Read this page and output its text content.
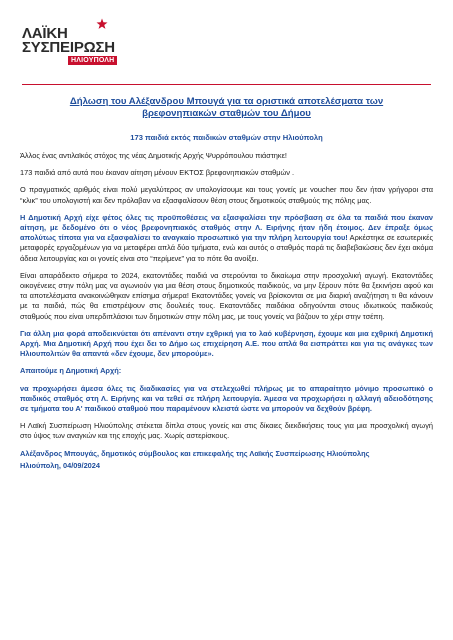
ΛΑΪΚΗ
ΣΥΣΠΕΙΡΩΣΗ
ΗΛΙΟΥΠΟΛΗ
Δήλωση του Αλέξανδρου Μπουγά για τα οριστικά αποτελέσματα των βρεφονηπιακών σταθμών του Δήμου
173 παιδιά εκτός παιδικών σταθμών στην Ηλιούπολη

Άλλος ένας αντιλαϊκός στόχος της νέας Δημοτικής Αρχής Ψυρρόπουλου πιάστηκε!

173 παιδιά από αυτά που έκαναν αίτηση μένουν ΕΚΤΟΣ βρεφονηπιακών σταθμών .

Ο πραγματικός αριθμός είναι πολύ μεγαλύτερος αν υπολογίσουμε και τους γονείς με voucher που δεν ήταν γρήγοροι στα “κλικ” του υπολογιστή και δεν πρόλαβαν να εξασφαλίσουν θέση στους δημοτικούς σταθμούς της πόλης μας.

Η Δημοτική Αρχή είχε φέτος όλες τις προϋποθέσεις να εξασφαλίσει την πρόσβαση σε όλα τα παιδιά που έκαναν αίτηση, με δεδομένο ότι ο νέος βρεφονηπιακός σταθμός στην Λ. Ειρήνης ήταν ήδη έτοιμος. Δεν έπραξε όμως απολύτως τίποτα για να εξασφαλίσει το αναγκαίο προσωπικό για την πλήρη λειτουργία του! Αρκέστηκε σε εσωτερικές μεταφορές εργαζομένων για να μεταφέρει απλά δύο τμήματα, ενώ και αυτός ο σταθμός παρά τις διαβεβαιώσεις δεν έχει ακόμα άδεια λειτουργίας και οι γονείς είναι στο “περίμενε” για το πότε θα ανοίξει.

Είναι απαράδεκτο σήμερα το 2024, εκατοντάδες παιδιά να στερούνται το δικαίωμα στην προσχολική αγωγή. Εκατοντάδες οικογένειες στην πόλη μας να αγωνιούν για μια θέση στους δημοτικούς παιδικούς, να μην ξέρουν πότε θα ξεκινήσει αφού και τα αποτελέσματα ανακοινώθηκαν επίσημα σήμερα! Εκατοντάδες γονείς να βρίσκονται σε μια διαρκή αναζήτηση τι θα κάνουν με τα παιδιά, πώς θα επιστρέψουν στις δουλειές τους. Εκατοντάδες παιδάκια οδηγούνται στους ιδιωτικούς παιδικούς σταθμούς που είναι υπερδιπλάσιοι των δημοτικών στην πόλη μας, με τους γονείς να βάζουν το χέρι στην τσέπη.

Για άλλη μια φορά αποδεικνύεται ότι απέναντι στην εχθρική για το λαό κυβέρνηση, έχουμε και μια εχθρική Δημοτική Αρχή. Μια Δημοτική Αρχή που έχει δει το Δήμο ως επιχείρηση Α.Ε. που απλά θα εισπράττει και για τις ανάγκες των Ηλιουπολιτών θα απαντά «δεν έχουμε, δεν μπορούμε».

Απαιτούμε η Δημοτική Αρχή:

να προχωρήσει άμεσα όλες τις διαδικασίες για να στελεχωθεί πλήρως με το απαραίτητο μόνιμο προσωπικό ο παιδικός σταθμός στη Λ. Ειρήνης και να τεθεί σε πλήρη λειτουργία. Άμεσα να προχωρήσει η αλλαγή αδειοδότησης σε τμήματα του Α' παιδικού σταθμού που παραμένουν κλειστά ώστε να μπορούν να δεχθούν βρέφη.

Η Λαϊκή Συσπείρωση Ηλιούπολης στέκεται δίπλα στους γονείς και στις δίκαιες διεκδικήσεις τους για μια προσχολική αγωγή στο ύψος των αναγκών και της εποχής μας. Χωρίς αστερίσκους.

Αλέξανδρος Μπουγάς, δημοτικός σύμβουλος και επικεφαλής της Λαϊκής Συσπείρωσης Ηλιούπολης
Ηλιούπολη, 04/09/2024
